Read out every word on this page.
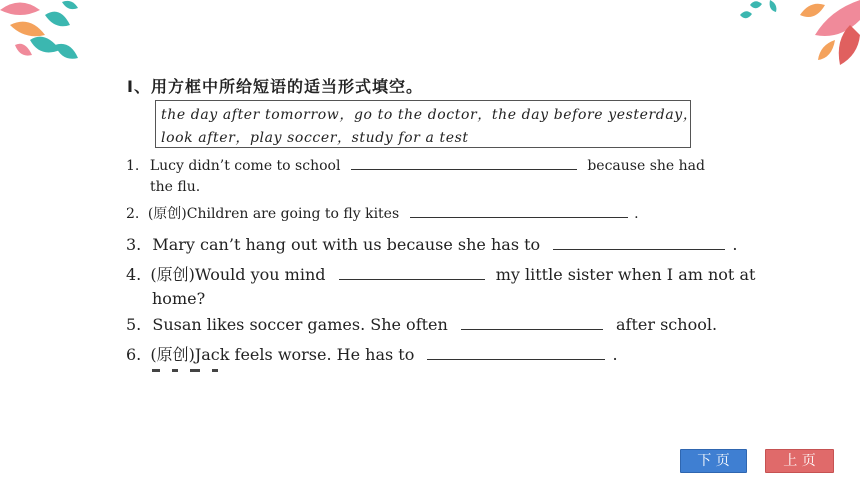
Ⅰ、用方框中所给短语的适当形式填空。
the day after tomorrow，go to the doctor，the day before yesterday，
look after，play soccer，study for a test
1. Lucy didn’t come to school	because she had
the flu.
2. (原创)Children are going to fly kites	.
3. Mary can’t hang out with us because she has to	.
4. (原创)Would you mind	my little sister when I am not at
home?
5. Susan likes soccer games. She often	after school.
6. (原创)Jack feels worse. He has to	.
下 页	上 页
